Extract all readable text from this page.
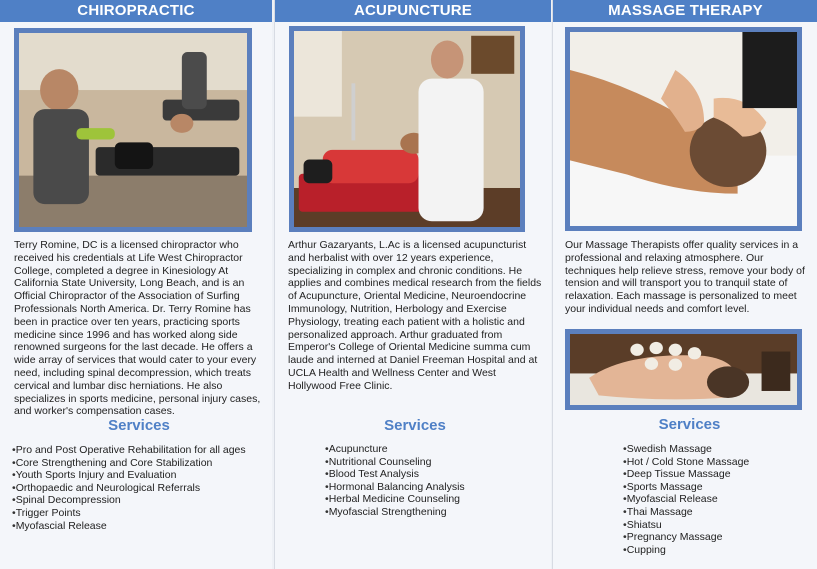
CHIROPRACTIC

Terry Romine, DC is a licensed chiropractor who received his credentials at Life West Chiropractor College, completed a degree in Kinesiology At California State University, Long Beach, and is an Official Chiropractor of the Association of Surfing Professionals North America. Dr. Terry Romine has been in practice over ten years, practicing sports medicine since 1996 and has worked along side renowned surgeons for the last decade. He offers a wide array of services that would cater to your every need, including spinal decompression, which treats cervical and lumbar disc herniations. He also specializes in sports medicine, personal injury cases, and worker's compensation cases.

Services
• Pro and Post Operative Rehabilitation for all ages
• Core Strengthening and Core Stabilization
• Youth Sports Injury and Evaluation
• Orthopaedic and Neurological Referrals
• Spinal Decompression
• Trigger Points
• Myofascial Release
ACUPUNCTURE

Arthur Gazaryants, L.Ac is a licensed acupuncturist and herbalist with over 12 years experience, specializing in complex and chronic conditions. He applies and combines medical research from the fields of Acupuncture, Oriental Medicine, Neuroendocrine Immunology, Nutrition, Herbology and Exercise Physiology, treating each patient with a holistic and personalized approach. Arthur graduated from Emperor's College of Oriental Medicine summa cum laude and interned at Daniel Freeman Hospital and at UCLA Health and Wellness Center and West Hollywood Free Clinic.

Services
• Acupuncture
• Nutritional Counseling
• Blood Test Analysis
• Hormonal Balancing Analysis
• Herbal Medicine Counseling
• Myofascial Strengthening
MASSAGE THERAPY

Our Massage Therapists offer quality services in a professional and relaxing atmosphere. Our techniques help relieve stress, remove your body of tension and will transport you to tranquil state of relaxation. Each massage is personalized to meet your individual needs and comfort level.

Services
• Swedish Massage
• Hot / Cold Stone Massage
• Deep Tissue Massage
• Sports Massage
• Myofascial Release
• Thai Massage
• Shiatsu
• Pregnancy Massage
• Cupping
